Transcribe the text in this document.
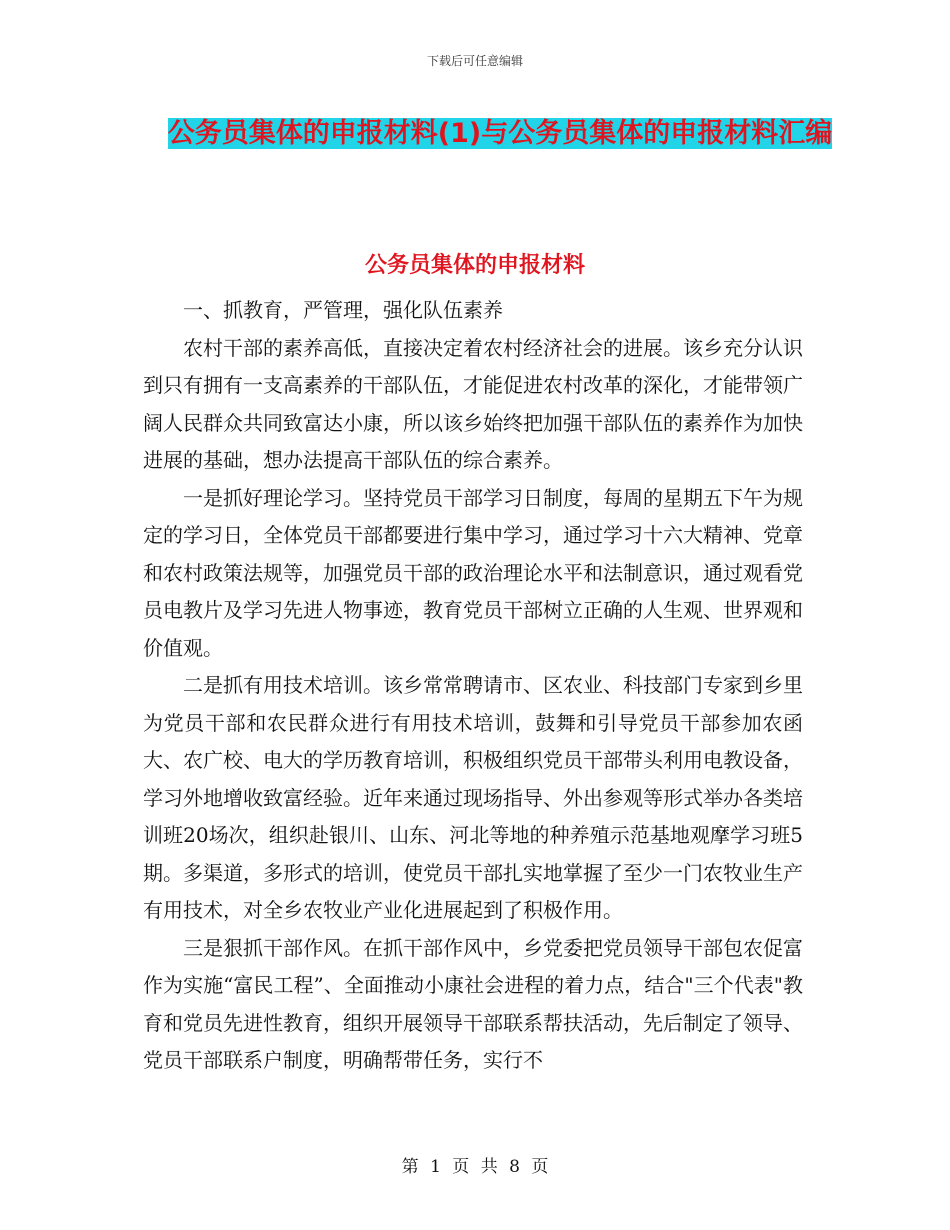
下载后可任意编辑
公务员集体的申报材料(1)与公务员集体的申报材料汇编
公务员集体的申报材料

一、抓教育，严管理，强化队伍素养

农村干部的素养高低，直接决定着农村经济社会的进展。该乡充分认识到只有拥有一支高素养的干部队伍，才能促进农村改革的深化，才能带领广阔人民群众共同致富达小康，所以该乡始终把加强干部队伍的素养作为加快进展的基础，想办法提高干部队伍的综合素养。

一是抓好理论学习。坚持党员干部学习日制度，每周的星期五下午为规定的学习日，全体党员干部都要进行集中学习，通过学习十六大精神、党章和农村政策法规等，加强党员干部的政治理论水平和法制意识，通过观看党员电教片及学习先进人物事迹，教育党员干部树立正确的人生观、世界观和价值观。

二是抓有用技术培训。该乡常常聘请市、区农业、科技部门专家到乡里为党员干部和农民群众进行有用技术培训，鼓舞和引导党员干部参加农函大、农广校、电大的学历教育培训，积极组织党员干部带头利用电教设备，学习外地增收致富经验。近年来通过现场指导、外出参观等形式举办各类培训班20场次，组织赴银川、山东、河北等地的种养殖示范基地观摩学习班5期。多渠道，多形式的培训，使党员干部扎实地掌握了至少一门农牧业生产有用技术，对全乡农牧业产业化进展起到了积极作用。

三是狠抓干部作风。在抓干部作风中，乡党委把党员领导干部包农促富作为实施“富民工程”、全面推动小康社会进程的着力点，结合"三个代表"教育和党员先进性教育，组织开展领导干部联系帮扶活动，先后制定了领导、党员干部联系户制度，明确帮带任务，实行不

第 1 页 共 8 页
